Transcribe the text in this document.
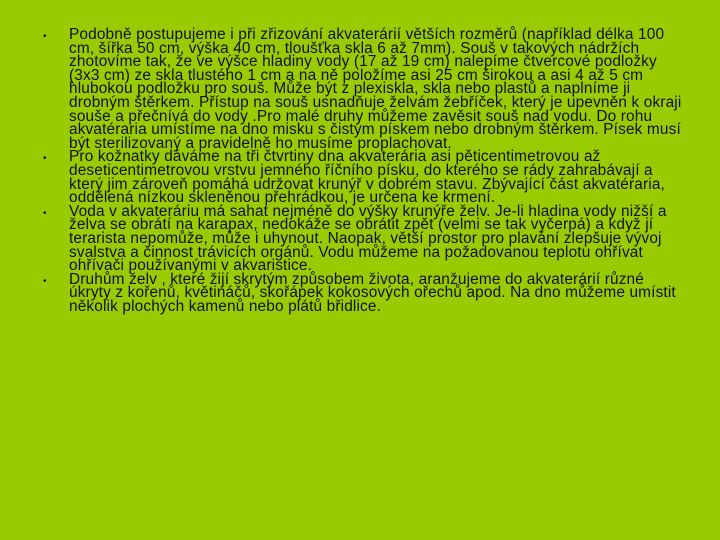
• Podobně postupujeme i při zřizování akvaterárií větších rozměrů (například délka 100 cm, šířka 50 cm, výška 40 cm, tloušťka skla 6 až 7mm). Souš v takových nádržích zhotovíme tak, že ve výšce hladiny vody (17 až 19 cm) nalepíme čtvercové podložky (3x3 cm) ze skla tlustého 1 cm a na ně položíme asi 25 cm širokou a asi 4 až 5 cm hlubokou podložku pro souš. Může být z plexiskla, skla nebo plastů a naplníme ji drobným štěrkem. Přístup na souš usnadňuje želvám žebříček, který je upevněn k okraji souše a přečnívá do vody .Pro malé druhy můžeme zavěsit souš nad vodu. Do rohu akvatéraria umístíme na dno misku s čistým pískem nebo drobným štěrkem. Písek musí být sterilizovaný a pravidelně ho musíme proplachovat.
• Pro kožnatky dáváme na tři čtvrtiny dna akvateráriа asi pěticentimetrovou až deseticentimetrovou vrstvu jemného říčního písku, do kterého se rády zahrabávají a který jim zároveň pomáhá udržovat krunýř v dobrém stavu. Zbývající část akvatéraria, oddělená nízkou skleněnou přehrádkou, je určena ke krmení.
• Voda v akvateráriu má sahat nejméně do výšky krunýře želv. Je-li hladina vody nižší a želva se obrátí na karapax, nedokáže se obrátit zpět (velmi se tak vyčerpá) a když jí terarista nepomůže, může i uhynout. Naopak, větší prostor pro plavání zlepšuje vývoj svalstva a činnost trávicích orgánů. Vodu můžeme na požadovanou teplotu ohřívat ohřívači používanými v akvaristice.
• Druhům želv , které žijí skrytým způsobem života, aranžujeme do akvaterárií různé úkryty z kořenů, květináčů, skořápek kokosových ořechů apod. Na dno můžeme umístit několik plochých kamenů nebo plátů břidlice.
